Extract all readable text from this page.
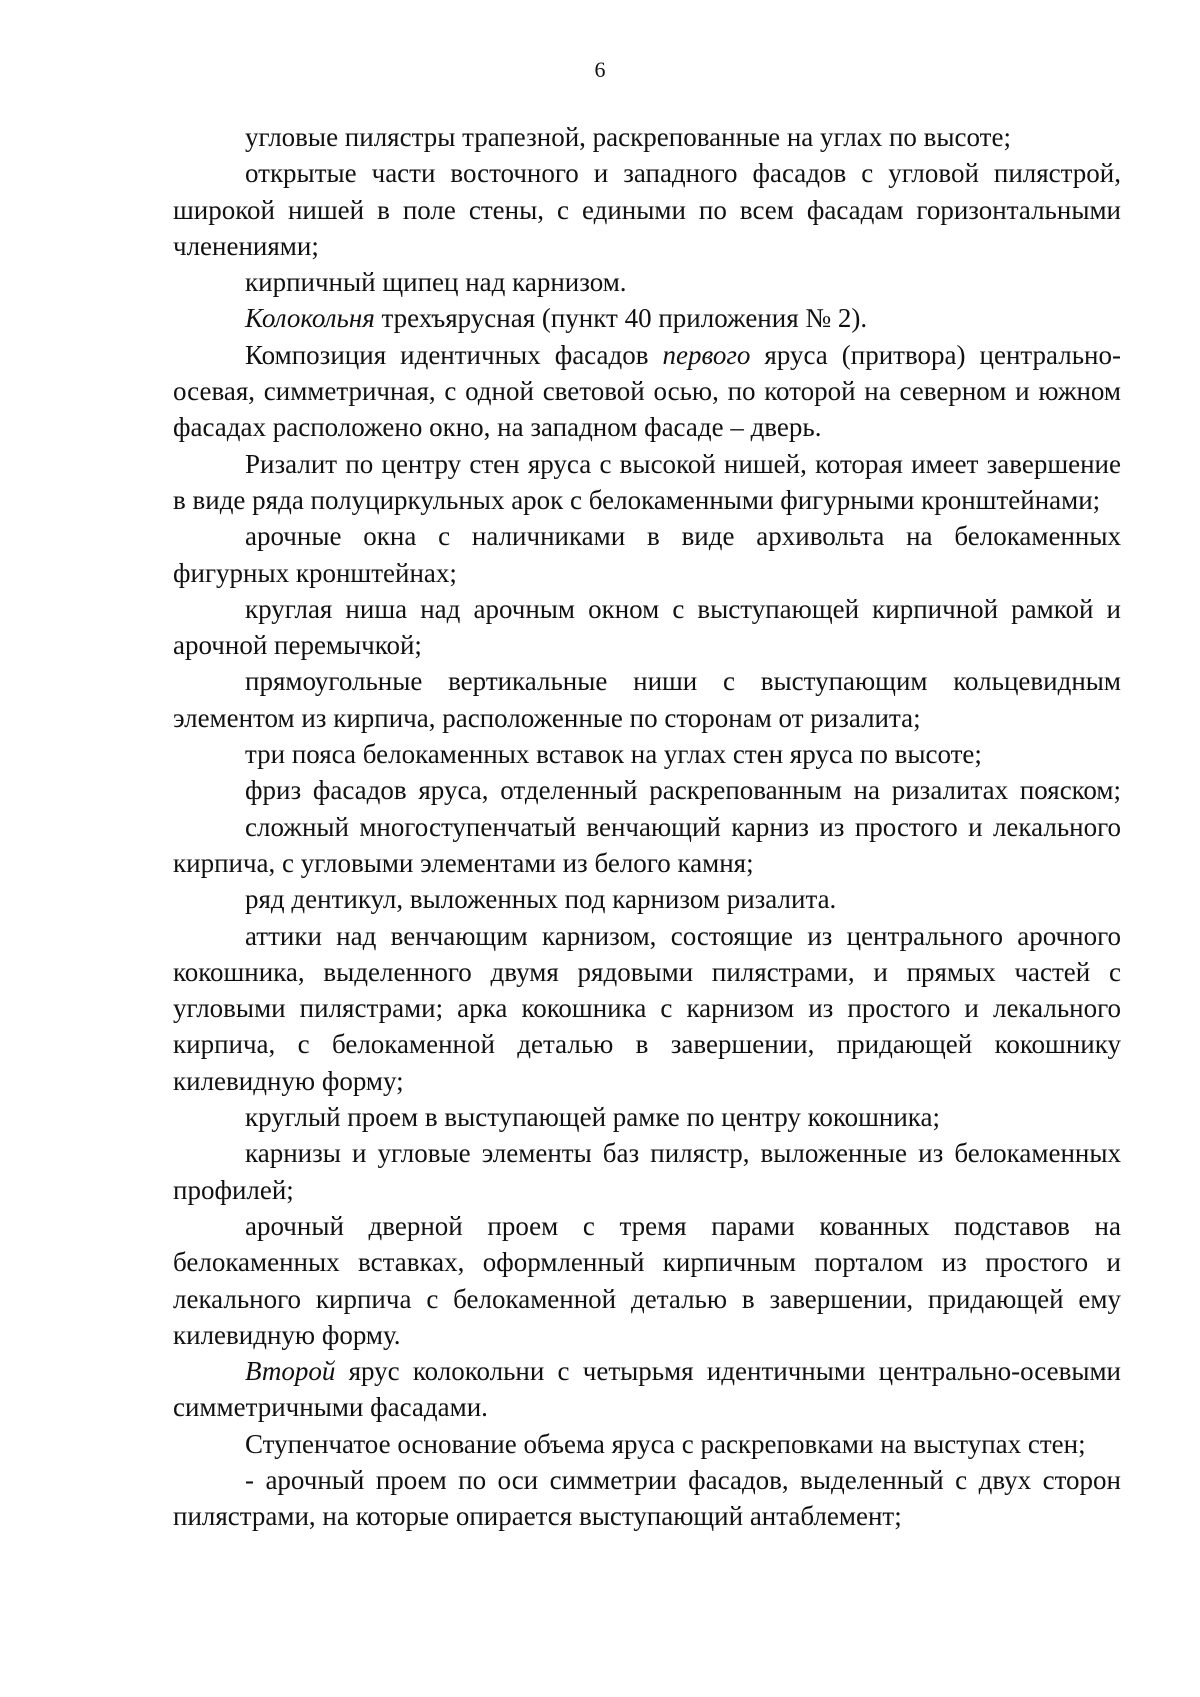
6

угловые пилястры трапезной, раскрепованные на углах по высоте;

открытые части восточного и западного фасадов с угловой пилястрой, широкой нишей в поле стены, с едиными по всем фасадам горизонтальными членениями;

кирпичный щипец над карнизом.

Колокольня трехъярусная (пункт 40 приложения № 2).

Композиция идентичных фасадов первого яруса (притвора) центрально-осевая, симметричная, с одной световой осью, по которой на северном и южном фасадах расположено окно, на западном фасаде – дверь.

Ризалит по центру стен яруса с высокой нишей, которая имеет завершение в виде ряда полуциркульных арок с белокаменными фигурными кронштейнами;

арочные окна с наличниками в виде архивольта на белокаменных фигурных кронштейнах;

круглая ниша над арочным окном с выступающей кирпичной рамкой и арочной перемычкой;

прямоугольные вертикальные ниши с выступающим кольцевидным элементом из кирпича, расположенные по сторонам от ризалита;

три пояса белокаменных вставок на углах стен яруса по высоте;

фриз фасадов яруса, отделенный раскрепованным на ризалитах пояском;

сложный многоступенчатый венчающий карниз из простого и лекального кирпича, с угловыми элементами из белого камня;

ряд дентикул, выложенных под карнизом ризалита.

аттики над венчающим карнизом, состоящие из центрального арочного кокошника, выделенного двумя рядовыми пилястрами, и прямых частей с угловыми пилястрами; арка кокошника с карнизом из простого и лекального кирпича, с белокаменной деталью в завершении, придающей кокошнику килевидную форму;

круглый проем в выступающей рамке по центру кокошника;

карнизы и угловые элементы баз пилястр, выложенные из белокаменных профилей;

арочный дверной проем с тремя парами кованных подставов на белокаменных вставках, оформленный кирпичным порталом из простого и лекального кирпича с белокаменной деталью в завершении, придающей ему килевидную форму.

Второй ярус колокольни с четырьмя идентичными центрально-осевыми симметричными фасадами.

Ступенчатое основание объема яруса с раскреповками на выступах стен;

- арочный проем по оси симметрии фасадов, выделенный с двух сторон пилястрами, на которые опирается выступающий антаблемент;
